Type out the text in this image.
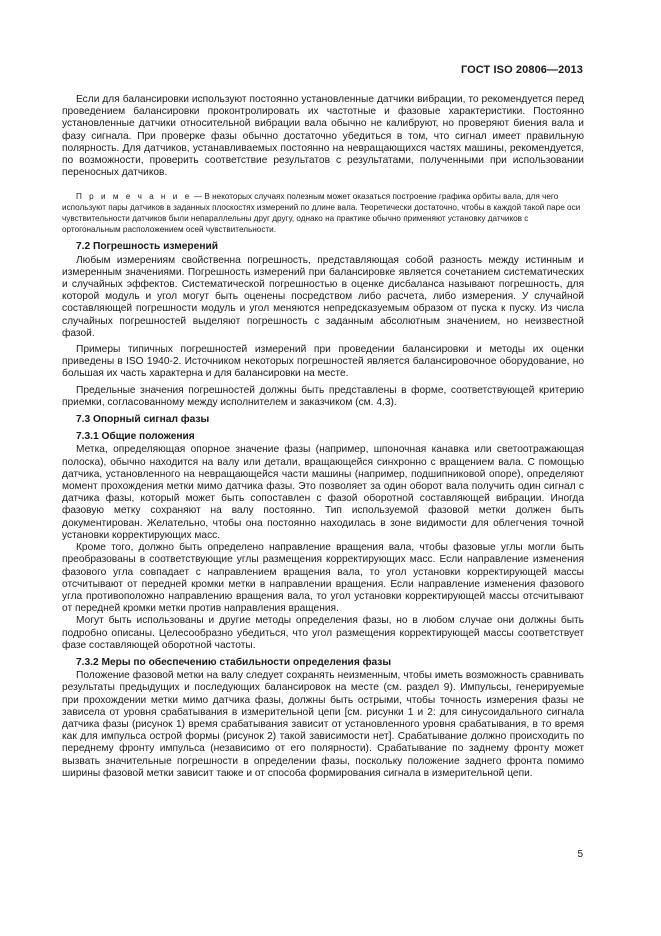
ГОСТ ISO 20806—2013

Если для балансировки используют постоянно установленные датчики вибрации, то рекомендуется перед проведением балансировки проконтролировать их частотные и фазовые характеристики. Постоянно установленные датчики относительной вибрации вала обычно не калибруют, но проверяют биения вала и фазу сигнала. При проверке фазы обычно достаточно убедиться в том, что сигнал имеет правильную полярность. Для датчиков, устанавливаемых постоянно на невращающихся частях машины, рекомендуется, по возможности, проверить соответствие результатов с результатами, полученными при использовании переносных датчиков.

П р и м е ч а н и е — В некоторых случаях полезным может оказаться построение графика орбиты вала, для чего используют пары датчиков в заданных плоскостях измерений по длине вала. Теоретически достаточно, чтобы в каждой такой паре оси чувствительности датчиков были непараллельны друг другу, однако на практике обычно применяют установку датчиков с ортогональным расположением осей чувствительности.
7.2 Погрешность измерений

Любым измерениям свойственна погрешность, представляющая собой разность между истинным и измеренным значениями. Погрешность измерений при балансировке является сочетанием систематических и случайных эффектов. Систематической погрешностью в оценке дисбаланса называют погрешность, для которой модуль и угол могут быть оценены посредством либо расчета, либо измерения. У случайной составляющей погрешности модуль и угол меняются непредсказуемым образом от пуска к пуску. Из числа случайных погрешностей выделяют погрешность с заданным абсолютным значением, но неизвестной фазой.

Примеры типичных погрешностей измерений при проведении балансировки и методы их оценки приведены в ISO 1940-2. Источником некоторых погрешностей является балансировочное оборудование, но большая их часть характерна и для балансировки на месте.

Предельные значения погрешностей должны быть представлены в форме, соответствующей критерию приемки, согласованному между исполнителем и заказчиком (см. 4.3).

7.3 Опорный сигнал фазы
7.3.1 Общие положения

Метка, определяющая опорное значение фазы (например, шпоночная канавка или светоотражающая полоска), обычно находится на валу или детали, вращающейся синхронно с вращением вала. С помощью датчика, установленного на невращающейся части машины (например, подшипниковой опоре), определяют момент прохождения метки мимо датчика фазы. Это позволяет за один оборот вала получить один сигнал с датчика фазы, который может быть сопоставлен с фазой оборотной составляющей вибрации. Иногда фазовую метку сохраняют на валу постоянно. Тип используемой фазовой метки должен быть документирован. Желательно, чтобы она постоянно находилась в зоне видимости для облегчения точной установки корректирующих масс.

Кроме того, должно быть определено направление вращения вала, чтобы фазовые углы могли быть преобразованы в соответствующие углы размещения корректирующих масс. Если направление изменения фазового угла совпадает с направлением вращения вала, то угол установки корректирующей массы отсчитывают от передней кромки метки в направлении вращения. Если направление изменения фазового угла противоположно направлению вращения вала, то угол установки корректирующей массы отсчитывают от передней кромки метки против направления вращения.

Могут быть использованы и другие методы определения фазы, но в любом случае они должны быть подробно описаны. Целесообразно убедиться, что угол размещения корректирующей массы соответствует фазе составляющей оборотной частоты.

7.3.2 Меры по обеспечению стабильности определения фазы

Положение фазовой метки на валу следует сохранять неизменным, чтобы иметь возможность сравнивать результаты предыдущих и последующих балансировок на месте (см. раздел 9). Импульсы, генерируемые при прохождении метки мимо датчика фазы, должны быть острыми, чтобы точность измерения фазы не зависела от уровня срабатывания в измерительной цепи [см. рисунки 1 и 2: для синусоидального сигнала датчика фазы (рисунок 1) время срабатывания зависит от установленного уровня срабатывания, в то время как для импульса острой формы (рисунок 2) такой зависимости нет]. Срабатывание должно происходить по переднему фронту импульса (независимо от его полярности). Срабатывание по заднему фронту может вызвать значительные погрешности в определении фазы, поскольку положение заднего фронта помимо ширины фазовой метки зависит также и от способа формирования сигнала в измерительной цепи.

5
